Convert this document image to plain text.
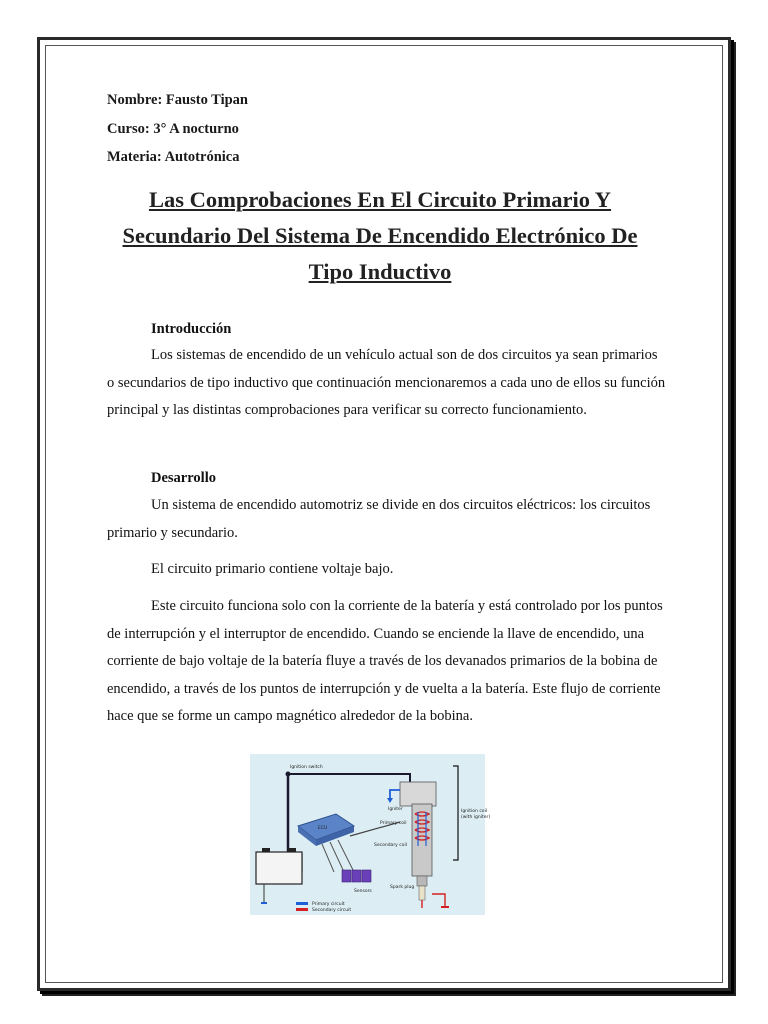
Nombre: Fausto Tipan
Curso: 3° A nocturno
Materia: Autotrónica
Las Comprobaciones En El Circuito Primario Y
Secundario Del Sistema De Encendido Electrónico De
Tipo Inductivo
Introducción

Los sistemas de encendido de un vehículo actual son de dos circuitos ya sean primarios o secundarios de tipo inductivo que continuación mencionaremos a cada uno de ellos su función principal y las distintas comprobaciones para verificar su correcto funcionamiento.

Desarrollo

Un sistema de encendido automotriz se divide en dos circuitos eléctricos: los circuitos primario y secundario.

El circuito primario contiene voltaje bajo.

Este circuito funciona solo con la corriente de la batería y está controlado por los puntos de interrupción y el interruptor de encendido. Cuando se enciende la llave de encendido, una corriente de bajo voltaje de la batería fluye a través de los devanados primarios de la bobina de encendido, a través de los puntos de interrupción y de vuelta a la batería. Este flujo de corriente hace que se forme un campo magnético alrededor de la bobina.

Ignition switch
ECU
Sensors
Igniter
Primary coil
Secondary coil
Ignition coil
(with igniter)
Spark plug
Primary circuit
Secondary circuit
